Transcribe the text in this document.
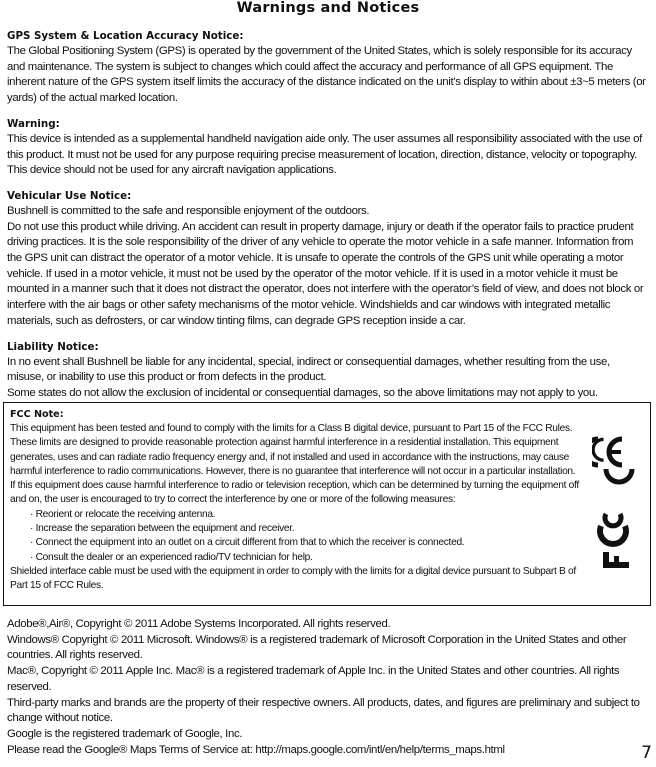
Warnings and Notices
GPS System & Location Accuracy Notice:
The Global Positioning System (GPS) is operated by the government of the United States, which is solely responsible for its accuracy and maintenance. The system is subject to changes which could affect the accuracy and performance of all GPS equipment. The inherent nature of the GPS system itself limits the accuracy of the distance indicated on the unit’s display to within about ±3~5 meters (or yards) of the actual marked location.
Warning:
This device is intended as a supplemental handheld navigation aide only. The user assumes all responsibility associated with the use of this product. It must not be used for any purpose requiring precise measurement of location, direction, distance, velocity or topography. This device should not be used for any aircraft navigation applications.
Vehicular Use Notice:
Bushnell is committed to the safe and responsible enjoyment of the outdoors.
Do not use this product while driving. An accident can result in property damage, injury or death if the operator fails to practice prudent driving practices. It is the sole responsibility of the driver of any vehicle to operate the motor vehicle in a safe manner. Information from the GPS unit can distract the operator of a motor vehicle. It is unsafe to operate the controls of the GPS unit while operating a motor vehicle. If used in a motor vehicle, it must not be used by the operator of the motor vehicle. If it is used in a motor vehicle it must be mounted in a manner such that it does not distract the operator, does not interfere with the operator’s field of view, and does not block or interfere with the air bags or other safety mechanisms of the motor vehicle. Windshields and car windows with integrated metallic materials, such as defrosters, or car window tinting films, can degrade GPS reception inside a car.
Liability Notice:
In no event shall Bushnell be liable for any incidental, special, indirect or consequential damages, whether resulting from the use, misuse, or inability to use this product or from defects in the product.
Some states do not allow the exclusion of incidental or consequential damages, so the above limitations may not apply to you.
FCC Note:
This equipment has been tested and found to comply with the limits for a Class B digital device, pursuant to Part 15 of the FCC Rules. These limits are designed to provide reasonable protection against harmful interference in a residential installation. This equipment generates, uses and can radiate radio frequency energy and, if not installed and used in accordance with the instructions, may cause harmful interference to radio communications. However, there is no guarantee that interference will not occur in a particular installation. If this equipment does cause harmful interference to radio or television reception, which can be determined by turning the equipment off and on, the user is encouraged to try to correct the interference by one or more of the following measures:
· Reorient or relocate the receiving antenna.
· Increase the separation between the equipment and receiver.
· Connect the equipment into an outlet on a circuit different from that to which the receiver is connected.
· Consult the dealer or an experienced radio/TV technician for help.
Shielded interface cable must be used with the equipment in order to comply with the limits for a digital device pursuant to Subpart B of Part 15 of FCC Rules.
Adobe®,Air®, Copyright © 2011 Adobe Systems Incorporated. All rights reserved.
Windows® Copyright © 2011 Microsoft. Windows® is a registered trademark of Microsoft Corporation in the United States and other countries. All rights reserved.
Mac®, Copyright © 2011 Apple Inc. Mac® is a registered trademark of Apple Inc. in the United States and other countries. All rights reserved.
Third-party marks and brands are the property of their respective owners. All products, dates, and figures are preliminary and subject to change without notice.
Google is the registered trademark of Google, Inc.
Please read the Google® Maps Terms of Service at: http://maps.google.com/intl/en/help/terms_maps.html	7
